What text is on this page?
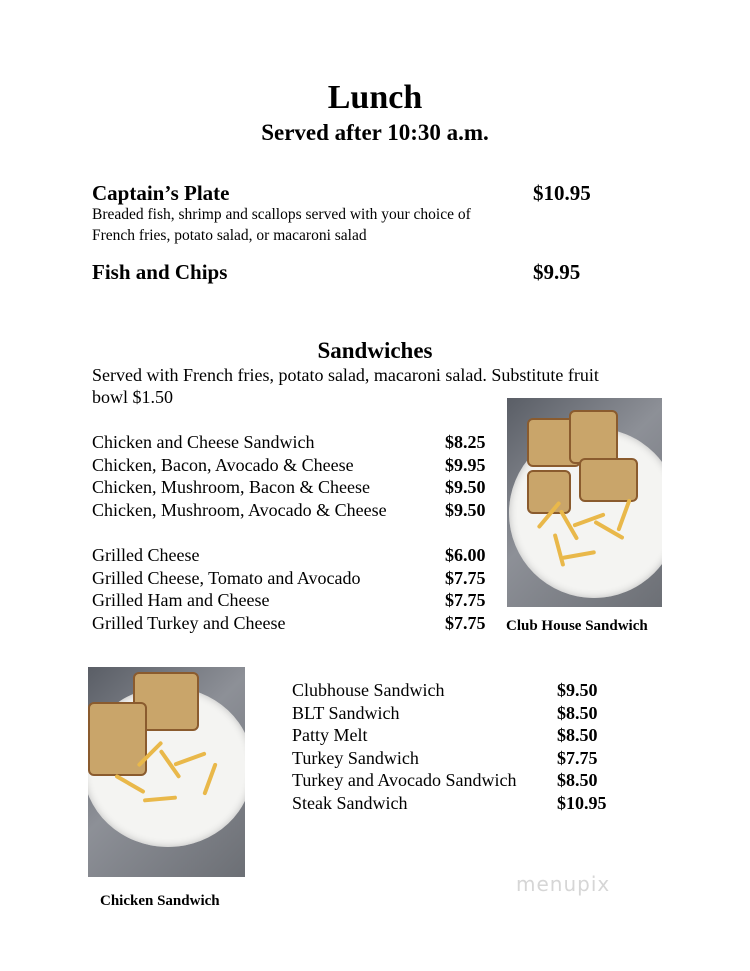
Lunch
Served after 10:30 a.m.
Captain’s Plate	$10.95
Breaded fish, shrimp and scallops served with your choice of
French fries, potato salad, or macaroni salad
Fish and Chips	$9.95
Sandwiches
Served with French fries, potato salad, macaroni salad. Substitute fruit
bowl $1.50
Chicken and Cheese Sandwich	$8.25
Chicken, Bacon, Avocado & Cheese	$9.95
Chicken, Mushroom, Bacon & Cheese	$9.50
Chicken, Mushroom, Avocado & Cheese	$9.50
Grilled Cheese	$6.00
Grilled Cheese, Tomato and Avocado	$7.75
Grilled Ham and Cheese	$7.75
Grilled Turkey and Cheese	$7.75
Clubhouse Sandwich	$9.50
BLT Sandwich	$8.50
Patty Melt	$8.50
Turkey Sandwich	$7.75
Turkey and Avocado Sandwich $8.50
Steak Sandwich	$10.95
Club House Sandwich
Chicken Sandwich
menupix
